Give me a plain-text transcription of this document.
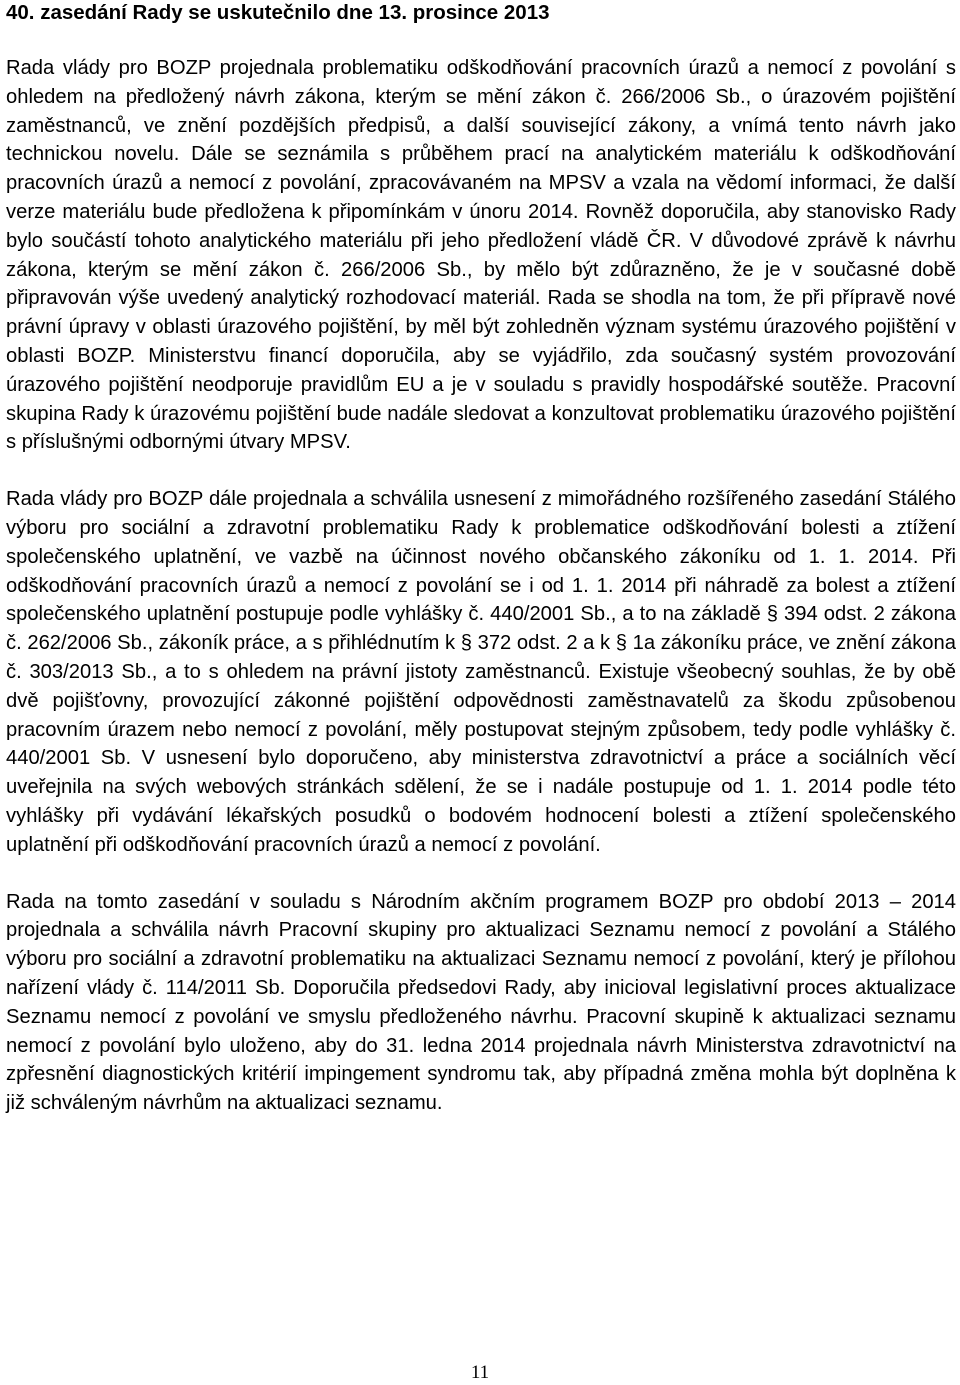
40. zasedání Rady se uskutečnilo dne 13. prosince 2013

Rada vlády pro BOZP projednala problematiku odškodňování pracovních úrazů a nemocí z povolání s ohledem na předložený návrh zákona, kterým se mění zákon č. 266/2006 Sb., o úrazovém pojištění zaměstnanců, ve znění pozdějších předpisů, a další související zákony, a vnímá tento návrh jako technickou novelu. Dále se seznámila s průběhem prací na analytickém materiálu k odškodňování pracovních úrazů a nemocí z povolání, zpracovávaném na MPSV a vzala na vědomí informaci, že další verze materiálu bude předložena k připomínkám v únoru 2014. Rovněž doporučila, aby stanovisko Rady bylo součástí tohoto analytického materiálu při jeho předložení vládě ČR. V důvodové zprávě k návrhu zákona, kterým se mění zákon č. 266/2006 Sb., by mělo být zdůrazněno, že je v současné době připravován výše uvedený analytický rozhodovací materiál. Rada se shodla na tom, že při přípravě nové právní úpravy v oblasti úrazového pojištění, by měl být zohledněn význam systému úrazového pojištění v oblasti BOZP. Ministerstvu financí doporučila, aby se vyjádřilo, zda současný systém provozování úrazového pojištění neodporuje pravidlům EU a je v souladu s pravidly hospodářské soutěže. Pracovní skupina Rady k úrazovému pojištění bude nadále sledovat a konzultovat problematiku úrazového pojištění s příslušnými odbornými útvary MPSV.

Rada vlády pro BOZP dále projednala a schválila usnesení z mimořádného rozšířeného zasedání Stálého výboru pro sociální a zdravotní problematiku Rady k problematice odškodňování bolesti a ztížení společenského uplatnění, ve vazbě na účinnost nového občanského zákoníku od 1. 1. 2014. Při odškodňování pracovních úrazů a nemocí z povolání se i od 1. 1. 2014 při náhradě za bolest a ztížení společenského uplatnění postupuje podle vyhlášky č. 440/2001 Sb., a to na základě § 394 odst. 2 zákona č. 262/2006 Sb., zákoník práce, a s přihlédnutím k § 372 odst. 2 a k § 1a zákoníku práce, ve znění zákona č. 303/2013 Sb., a to s ohledem na právní jistoty zaměstnanců. Existuje všeobecný souhlas, že by obě dvě pojišťovny, provozující zákonné pojištění odpovědnosti zaměstnavatelů za škodu způsobenou pracovním úrazem nebo nemocí z povolání, měly postupovat stejným způsobem, tedy podle vyhlášky č. 440/2001 Sb. V usnesení bylo doporučeno, aby ministerstva zdravotnictví a práce a sociálních věcí uveřejnila na svých webových stránkách sdělení, že se i nadále postupuje od 1. 1. 2014 podle této vyhlášky při vydávání lékařských posudků o bodovém hodnocení bolesti a ztížení společenského uplatnění při odškodňování pracovních úrazů a nemocí z povolání.

Rada na tomto zasedání v souladu s Národním akčním programem BOZP pro období 2013 – 2014 projednala a schválila návrh Pracovní skupiny pro aktualizaci Seznamu nemocí z povolání a Stálého výboru pro sociální a zdravotní problematiku na aktualizaci Seznamu nemocí z povolání, který je přílohou nařízení vlády č. 114/2011 Sb. Doporučila předsedovi Rady, aby inicioval legislativní proces aktualizace Seznamu nemocí z povolání ve smyslu předloženého návrhu. Pracovní skupině k aktualizaci seznamu nemocí z povolání bylo uloženo, aby do 31. ledna 2014 projednala návrh Ministerstva zdravotnictví na zpřesnění diagnostických kritérií impingement syndromu tak, aby případná změna mohla být doplněna k již schváleným návrhům na aktualizaci seznamu.

11
